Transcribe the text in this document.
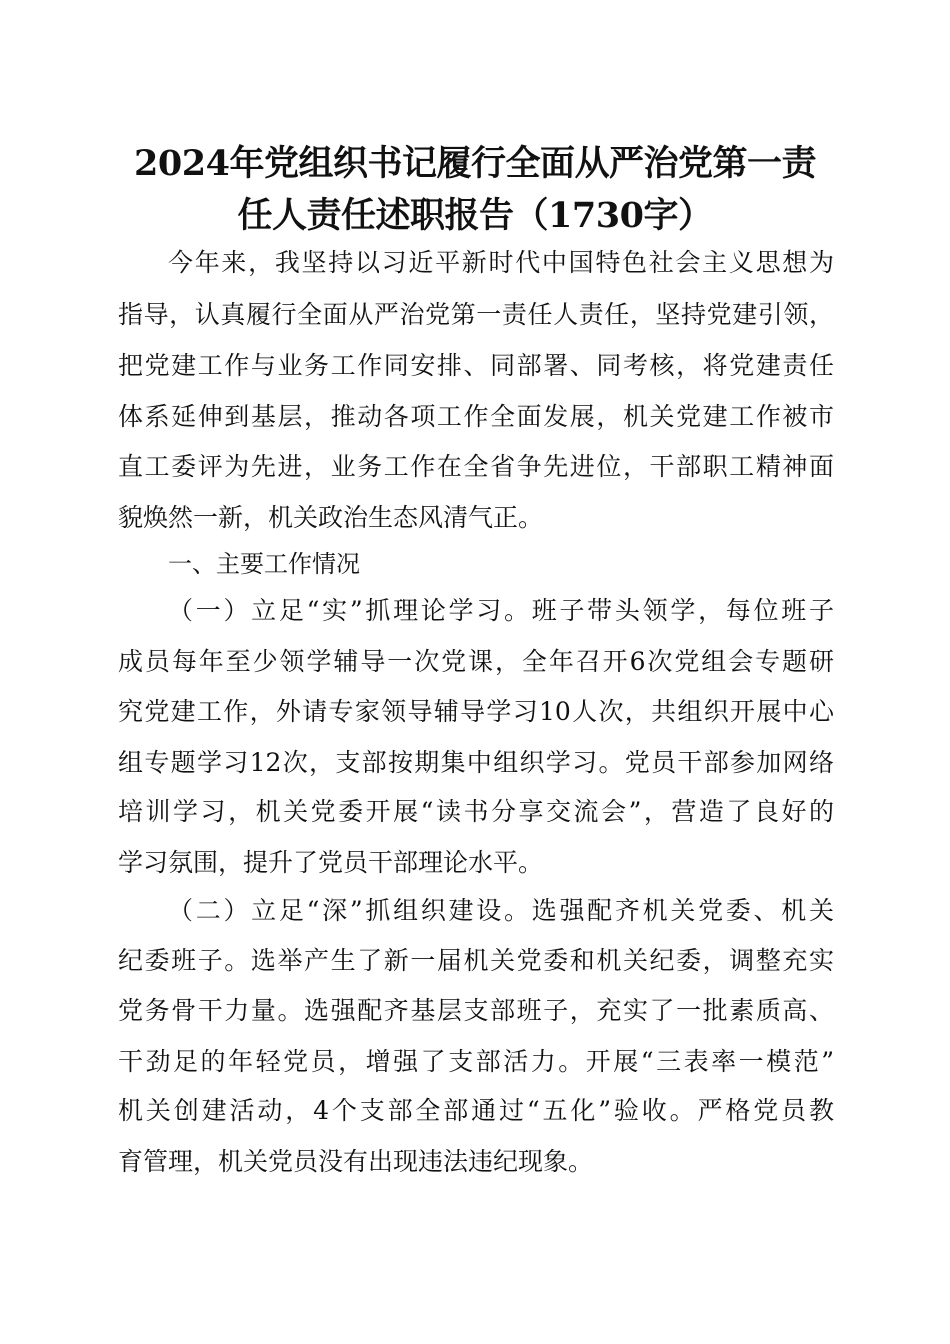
2024年党组织书记履行全面从严治党第一责
任人责任述职报告（1730字）
今年来，我坚持以习近平新时代中国特色社会主义思想为
指导，认真履行全面从严治党第一责任人责任，坚持党建引领，
把党建工作与业务工作同安排、同部署、同考核，将党建责任
体系延伸到基层，推动各项工作全面发展，机关党建工作被市
直工委评为先进，业务工作在全省争先进位，干部职工精神面
貌焕然一新，机关政治生态风清气正。
一、主要工作情况
（一）立足“实”抓理论学习。班子带头领学，每位班子
成员每年至少领学辅导一次党课，全年召开6次党组会专题研
究党建工作，外请专家领导辅导学习10人次，共组织开展中心
组专题学习12次，支部按期集中组织学习。党员干部参加网络
培训学习，机关党委开展“读书分享交流会”，营造了良好的
学习氛围，提升了党员干部理论水平。
（二）立足“深”抓组织建设。选强配齐机关党委、机关
纪委班子。选举产生了新一届机关党委和机关纪委，调整充实
党务骨干力量。选强配齐基层支部班子，充实了一批素质高、
干劲足的年轻党员，增强了支部活力。开展“三表率一模范”
机关创建活动，4个支部全部通过“五化”验收。严格党员教
育管理，机关党员没有出现违法违纪现象。
